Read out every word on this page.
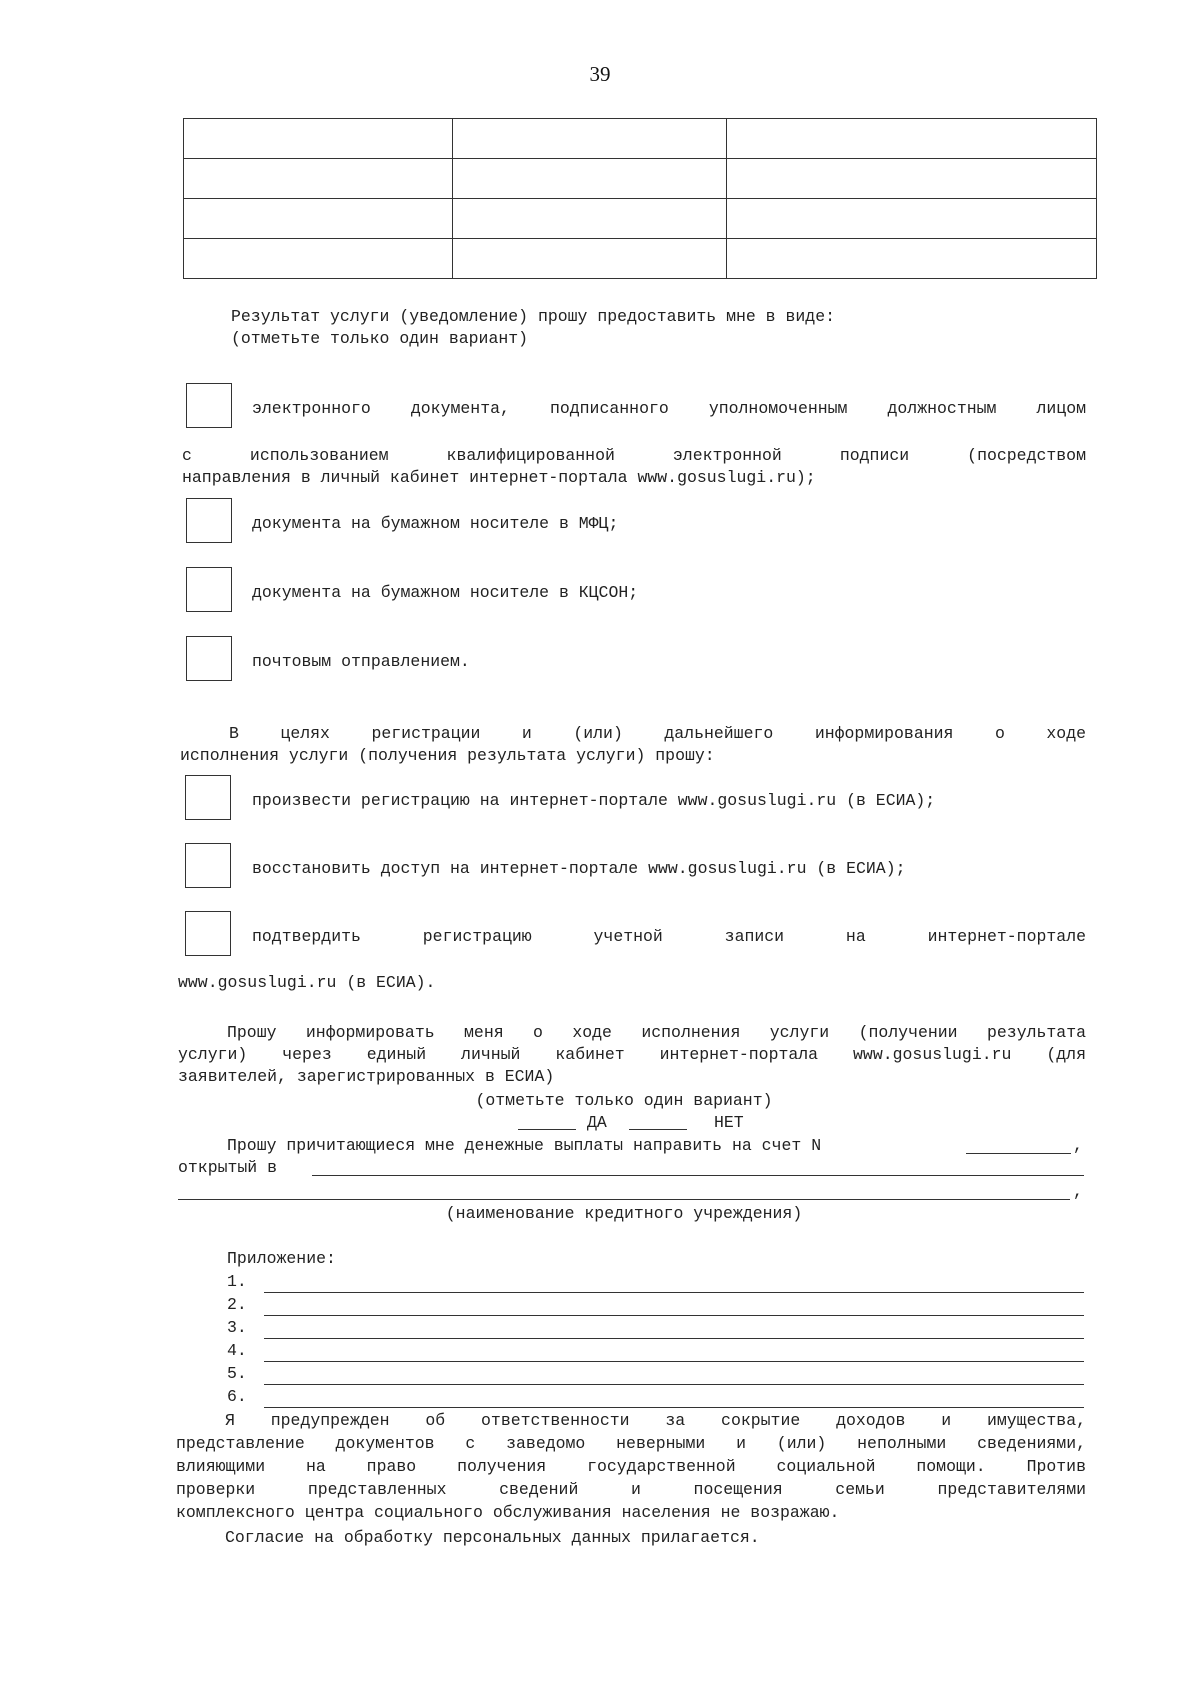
39

Результат услуги (уведомление) прошу предоставить мне в виде:
(отметьте только один вариант)
электронного документа, подписанного уполномоченным должностным лицом
с использованием квалифицированной электронной подписи (посредством
направления в личный кабинет интернет-портала www.gosuslugi.ru);
документа на бумажном носителе в МФЦ;
документа на бумажном носителе в КЦСОН;
почтовым отправлением.
В целях регистрации и (или) дальнейшего информирования о ходе
исполнения услуги (получения результата услуги) прошу:
произвести регистрацию на интернет-портале www.gosuslugi.ru (в ЕСИА);
восстановить доступ на интернет-портале www.gosuslugi.ru (в ЕСИА);
подтвердить регистрацию учетной записи на интернет-портале
www.gosuslugi.ru (в ЕСИА).
Прошу информировать меня о ходе исполнения услуги (получении результата
услуги) через единый личный кабинет интернет-портала www.gosuslugi.ru (для
заявителей, зарегистрированных в ЕСИА)
(отметьте только один вариант)
ДА	НЕТ
Прошу причитающиеся мне денежные выплаты направить на счет N	,
открытый в
,
(наименование кредитного учреждения)
Приложение:
1.
2.
3.
4.
5.
6.
Я предупрежден об ответственности за сокрытие доходов и имущества,
представление документов с заведомо неверными и (или) неполными сведениями,
влияющими на право получения государственной социальной помощи. Против
проверки представленных сведений и посещения семьи представителями
комплексного центра социального обслуживания населения не возражаю.
Согласие на обработку персональных данных прилагается.
